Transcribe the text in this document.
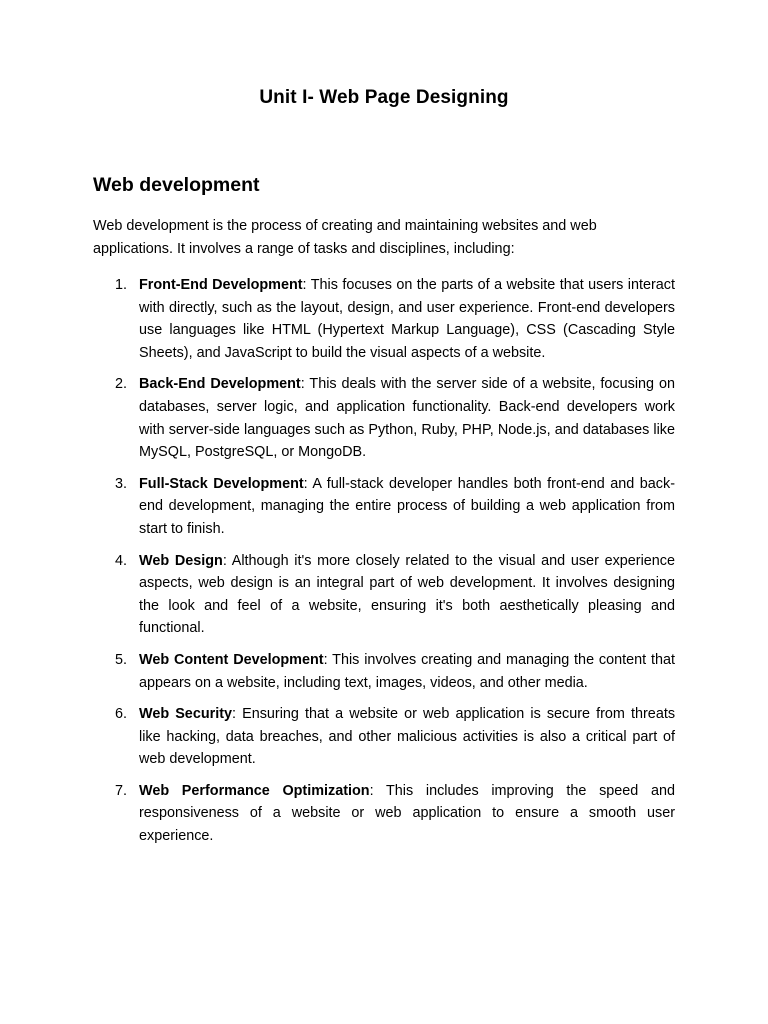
Unit I- Web Page Designing
Web development

Web development is the process of creating and maintaining websites and web applications. It involves a range of tasks and disciplines, including:

1. Front-End Development: This focuses on the parts of a website that users interact with directly, such as the layout, design, and user experience. Front-end developers use languages like HTML (Hypertext Markup Language), CSS (Cascading Style Sheets), and JavaScript to build the visual aspects of a website.
2. Back-End Development: This deals with the server side of a website, focusing on databases, server logic, and application functionality. Back-end developers work with server-side languages such as Python, Ruby, PHP, Node.js, and databases like MySQL, PostgreSQL, or MongoDB.
3. Full-Stack Development: A full-stack developer handles both front-end and back-end development, managing the entire process of building a web application from start to finish.
4. Web Design: Although it's more closely related to the visual and user experience aspects, web design is an integral part of web development. It involves designing the look and feel of a website, ensuring it's both aesthetically pleasing and functional.
5. Web Content Development: This involves creating and managing the content that appears on a website, including text, images, videos, and other media.
6. Web Security: Ensuring that a website or web application is secure from threats like hacking, data breaches, and other malicious activities is also a critical part of web development.
7. Web Performance Optimization: This includes improving the speed and responsiveness of a website or web application to ensure a smooth user experience.
